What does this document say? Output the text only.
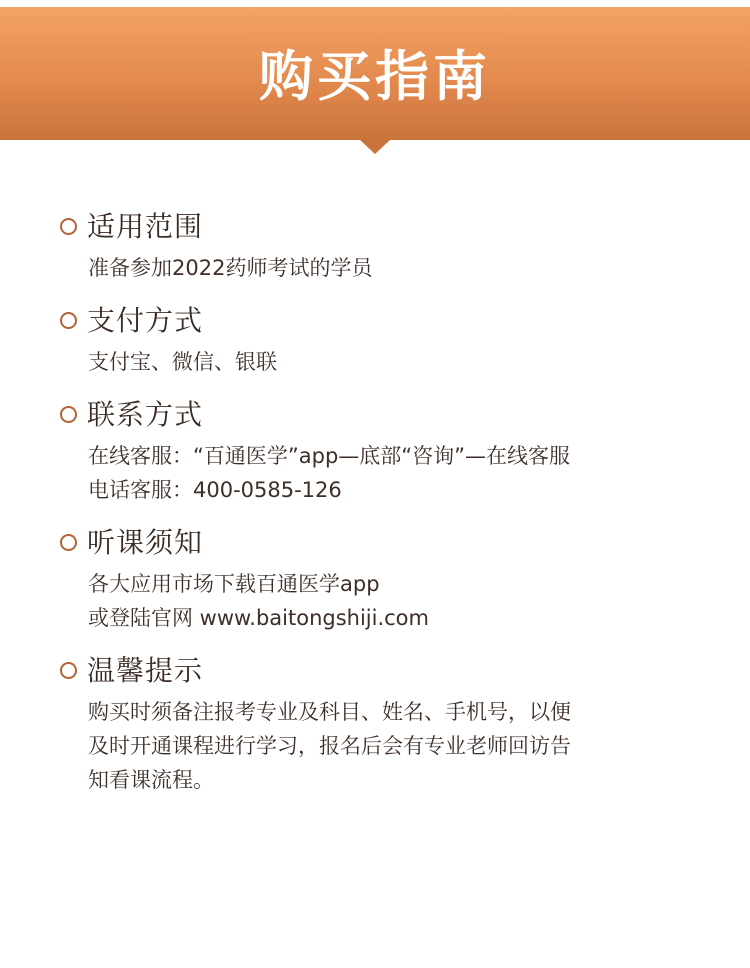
购买指南
适用范围
准备参加2022药师考试的学员
支付方式
支付宝、微信、银联
联系方式
在线客服：“百通医学”app—底部“咨询”—在线客服
电话客服：400-0585-126
听课须知
各大应用市场下载百通医学app
或登陆官网 www.baitongshiji.com
温馨提示
购买时须备注报考专业及科目、姓名、手机号，以便
及时开通课程进行学习，报名后会有专业老师回访告
知看课流程。
